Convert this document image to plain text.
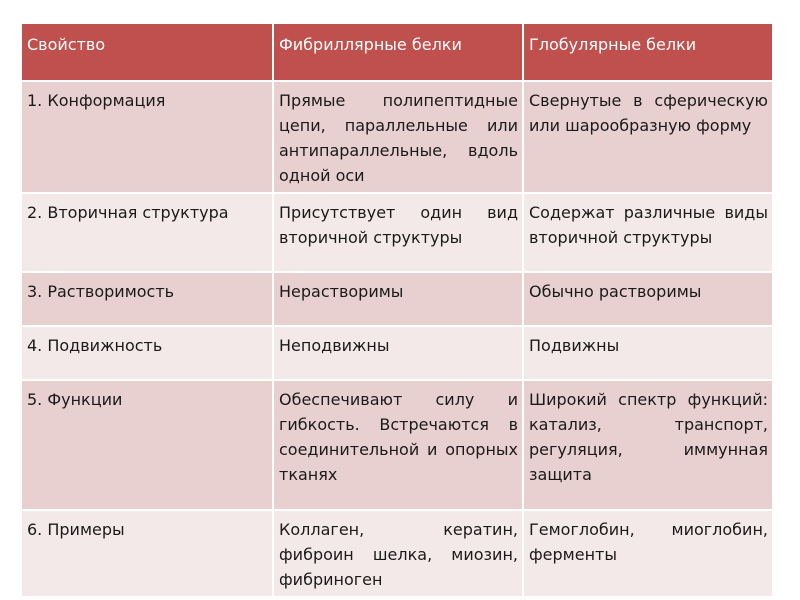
Свойство	Фибриллярные белки	Глобулярные белки
1. Конформация	Прямые полипептидные цепи, параллельные или антипараллельные, вдоль одной оси	Свернутые в сферическую или шарообразную форму
2. Вторичная структура	Присутствует один вид вторичной структуры	Содержат различные виды вторичной структуры
3. Растворимость	Нерастворимы	Обычно растворимы
4. Подвижность	Неподвижны	Подвижны
5. Функции	Обеспечивают силу и гибкость. Встречаются в соединительной и опорных тканях	Широкий спектр функций: катализ, транспорт, регуляция, иммунная защита
6. Примеры	Коллаген, кератин, фиброин шелка, миозин, фибриноген	Гемоглобин, миоглобин, ферменты
